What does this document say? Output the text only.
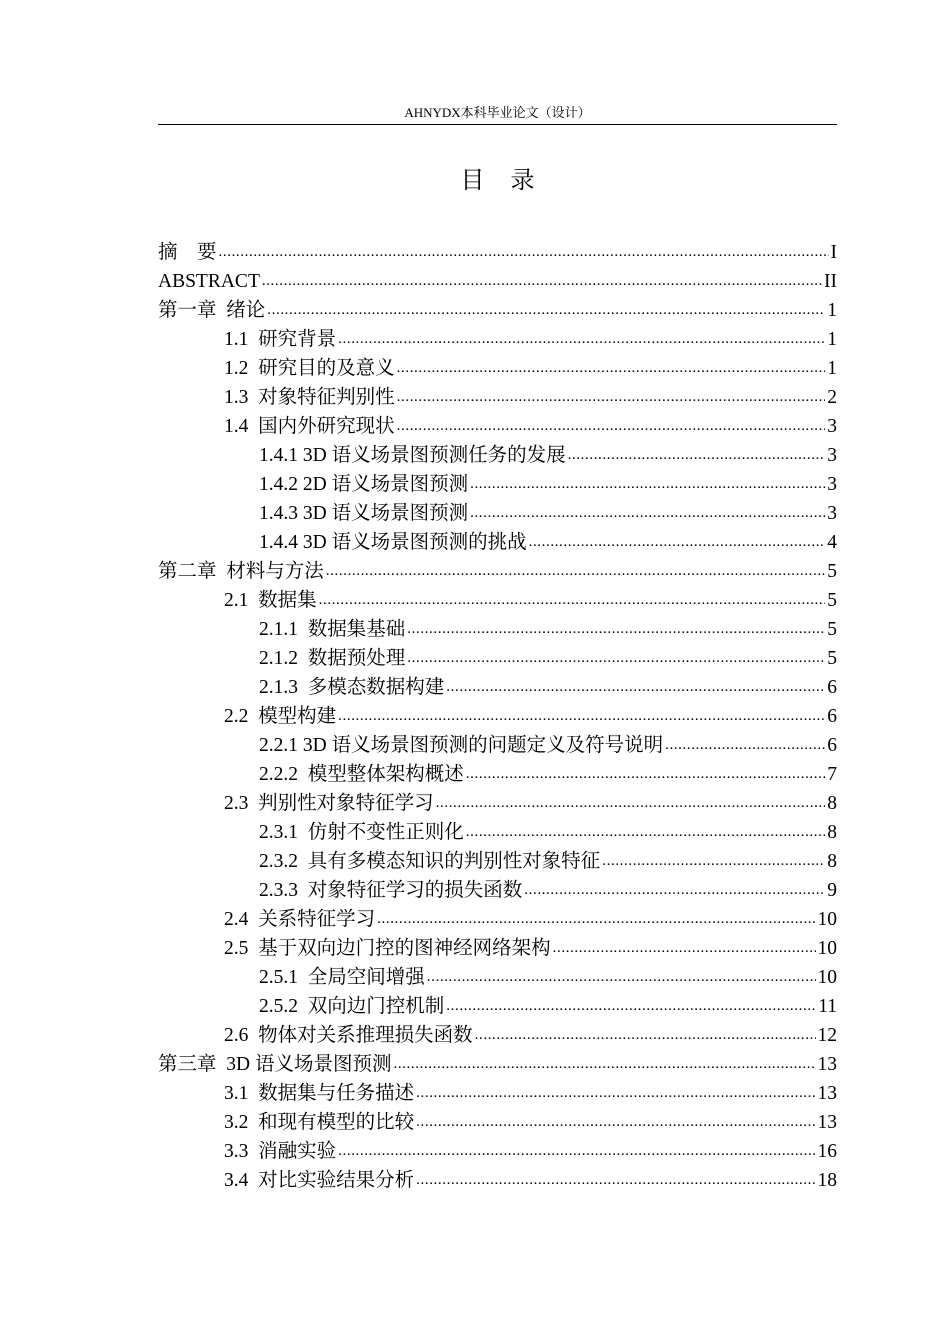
AHNYDX本科毕业论文（设计）
目录
摘　要 .....	I
ABSTRACT .....	II
第一章  绪论 .....	1
1.1  研究背景 .....	1
1.2  研究目的及意义 .....	1
1.3  对象特征判别性 .....	2
1.4  国内外研究现状 .....	3
1.4.1 3D 语义场景图预测任务的发展 .....	3
1.4.2 2D 语义场景图预测 .....	3
1.4.3 3D 语义场景图预测 .....	3
1.4.4 3D 语义场景图预测的挑战 .....	4
第二章  材料与方法 .....	5
2.1  数据集 .....	5
2.1.1  数据集基础 .....	5
2.1.2  数据预处理 .....	5
2.1.3  多模态数据构建 .....	6
2.2  模型构建 .....	6
2.2.1 3D 语义场景图预测的问题定义及符号说明 .....	6
2.2.2  模型整体架构概述 .....	7
2.3  判别性对象特征学习 .....	8
2.3.1  仿射不变性正则化 .....	8
2.3.2  具有多模态知识的判别性对象特征 .....	8
2.3.3  对象特征学习的损失函数 .....	9
2.4  关系特征学习 .....	10
2.5  基于双向边门控的图神经网络架构 .....	10
2.5.1  全局空间增强 .....	10
2.5.2  双向边门控机制 .....	11
2.6  物体对关系推理损失函数 .....	12
第三章  3D 语义场景图预测 .....	13
3.1  数据集与任务描述 .....	13
3.2  和现有模型的比较 .....	13
3.3  消融实验 .....	16
3.4  对比实验结果分析 .....	18
